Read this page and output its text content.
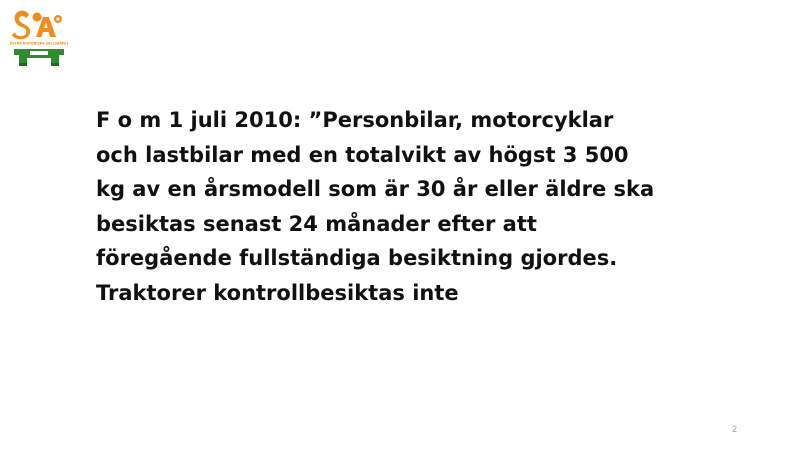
ÖSTRA HISTORISKA SÄLLSKAPET

F o m 1 juli 2010: ”Personbilar, motorcyklar
och lastbilar med en totalvikt av högst 3 500
kg av en årsmodell som är 30 år eller äldre ska
besiktas senast 24 månader efter att
föregående fullständiga besiktning gjordes.
Traktorer kontrollbesiktas inte

2
